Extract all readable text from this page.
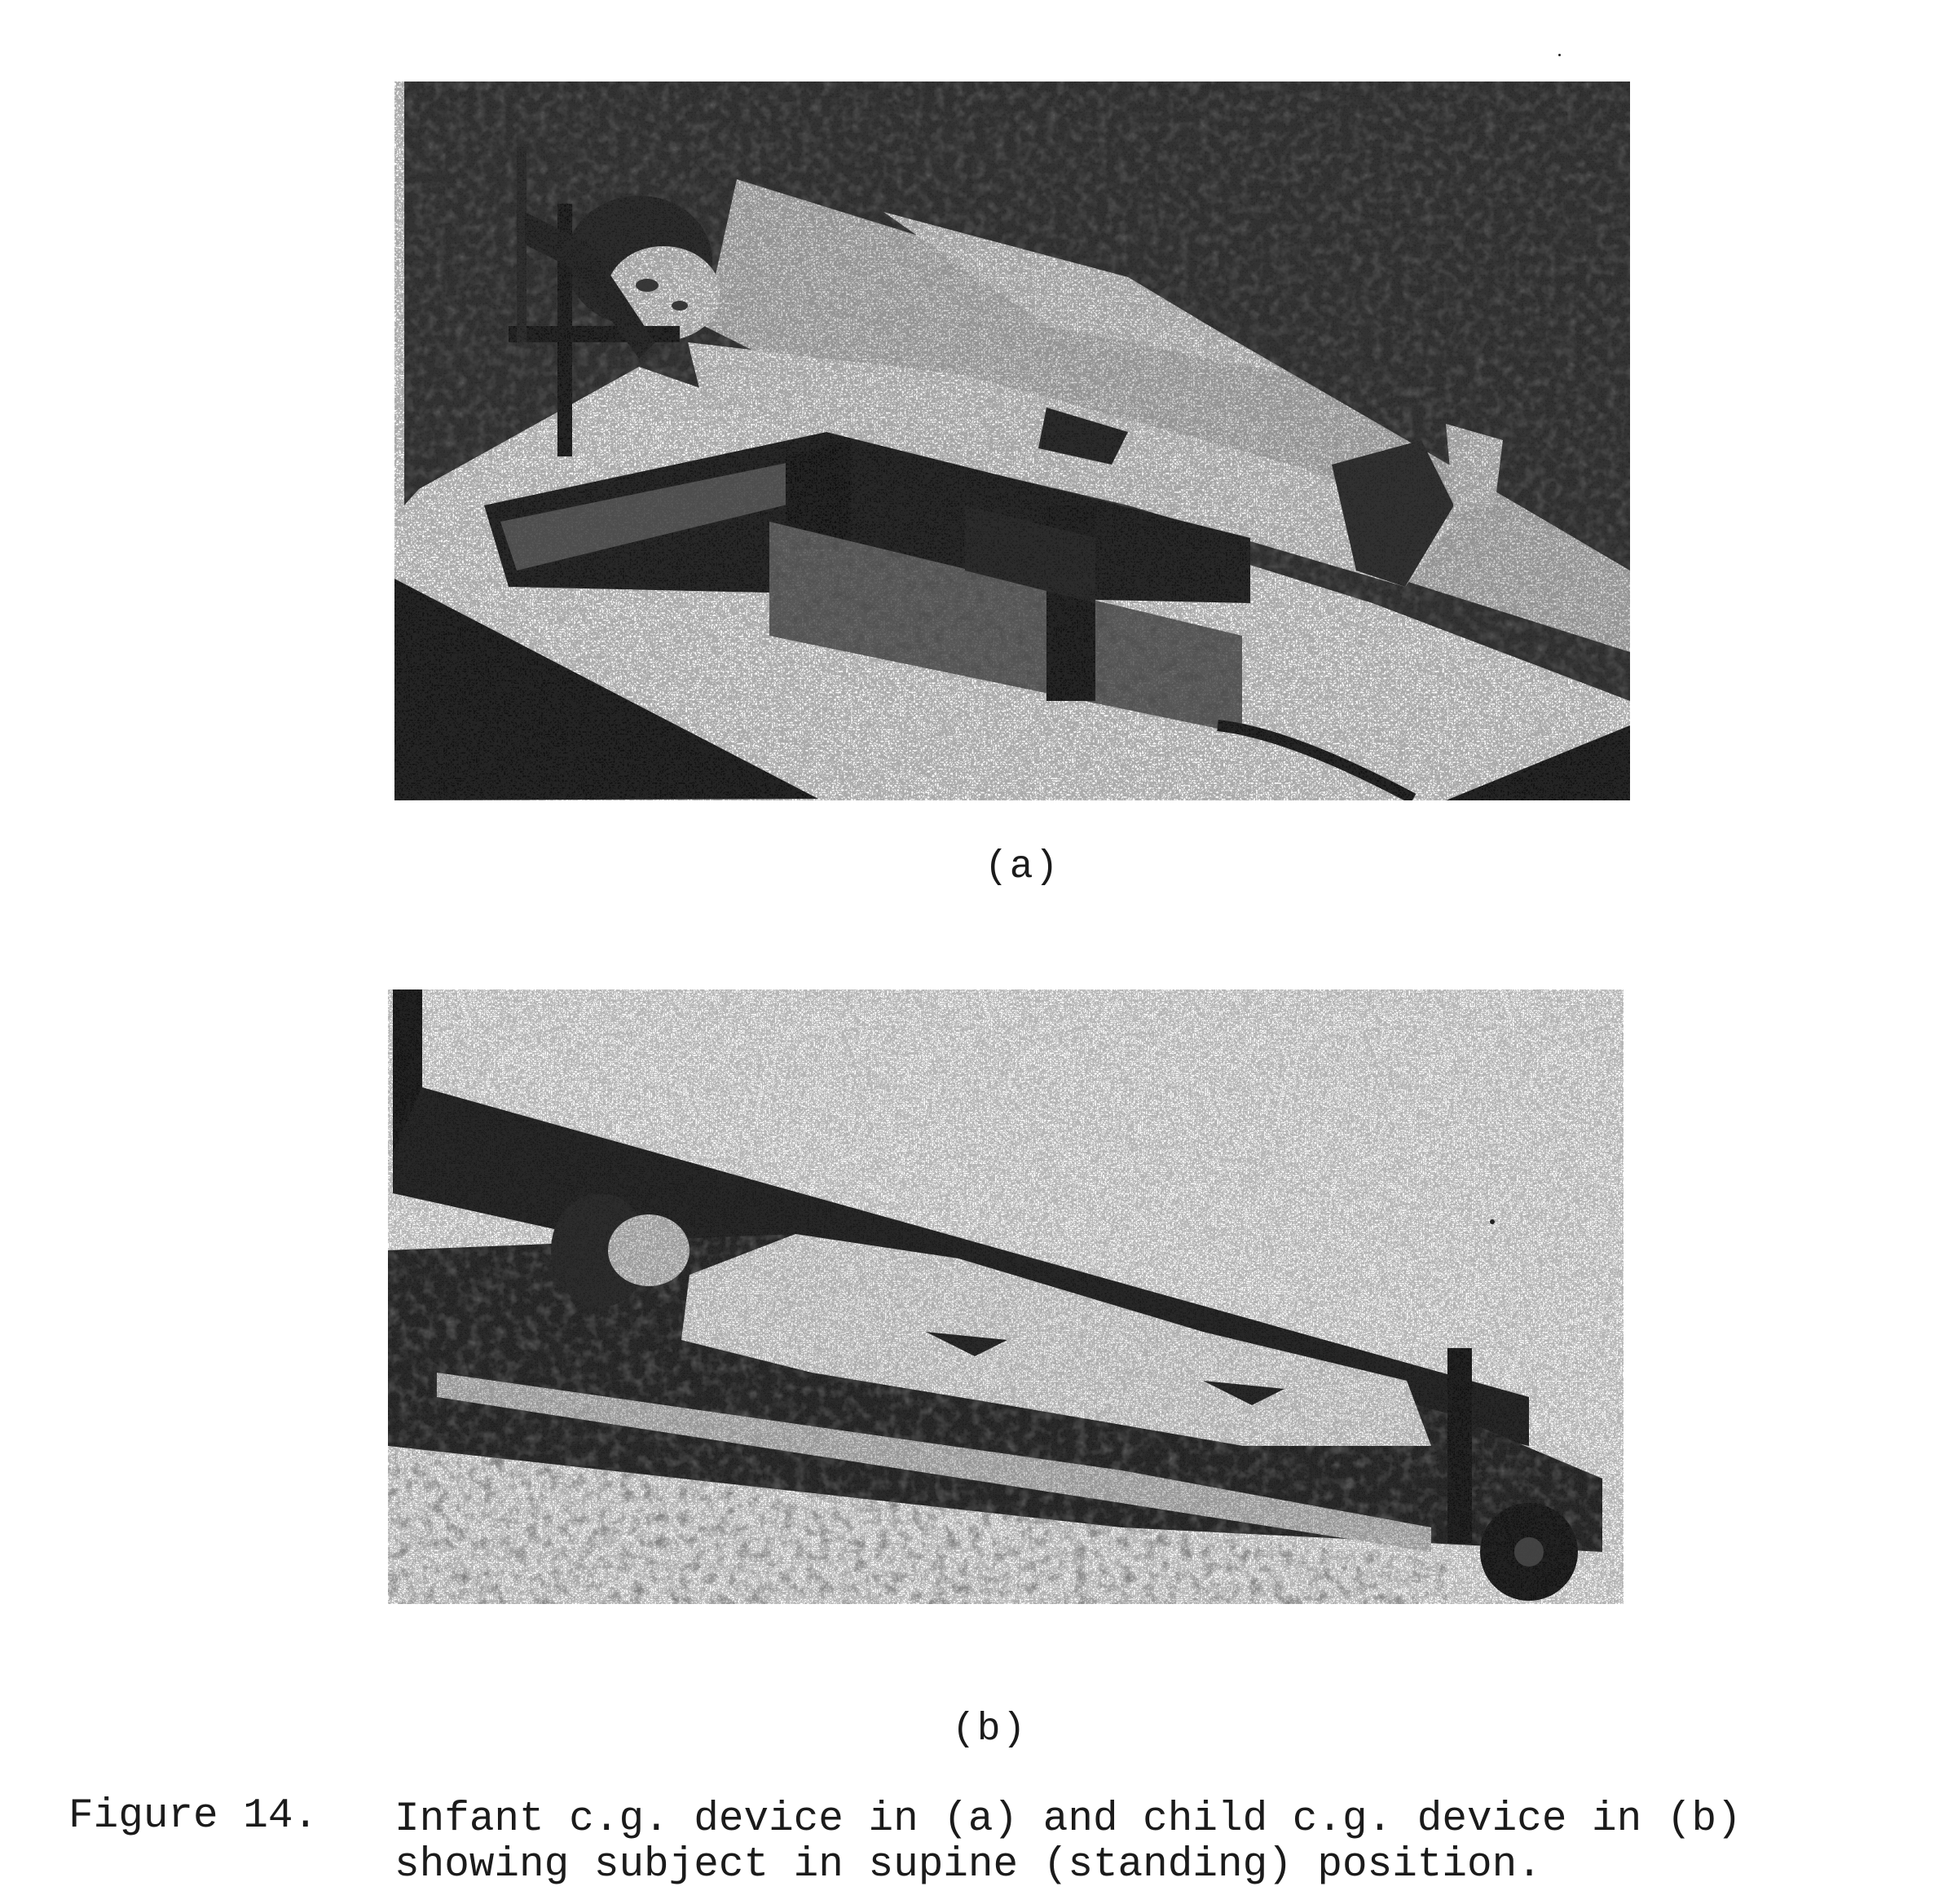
(a)
(b)
Figure 14. Infant c.g. device in (a) and child c.g. device in (b)
showing subject in supine (standing) position.
